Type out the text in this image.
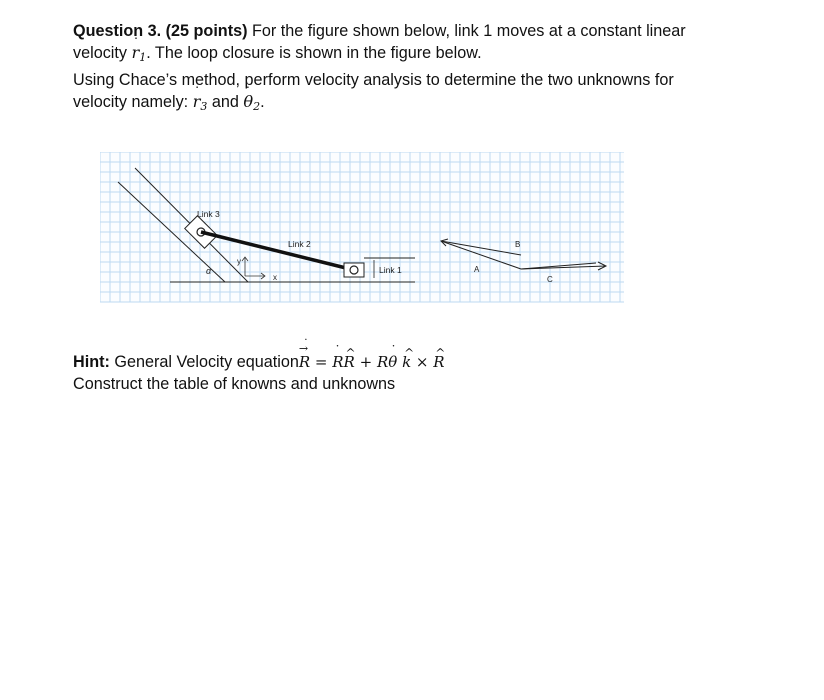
Question 3. (25 points) For the figure shown below, link 1 moves at a constant linear
velocity ˙ $r_1$. The loop closure is shown in the figure below.
Using Chace’s method, perform velocity analysis to determine the two unknowns for
velocity namely: ˙ $r_3$ and ˙ $\theta_2$.
Link 3
Link 2
Link 1
α
y
x
A
B
C
Hint: General Velocity equation
→ ˙
R = ˙ R^ R + R˙ θ ^ k × ^ R
Construct the table of knowns and unknowns
